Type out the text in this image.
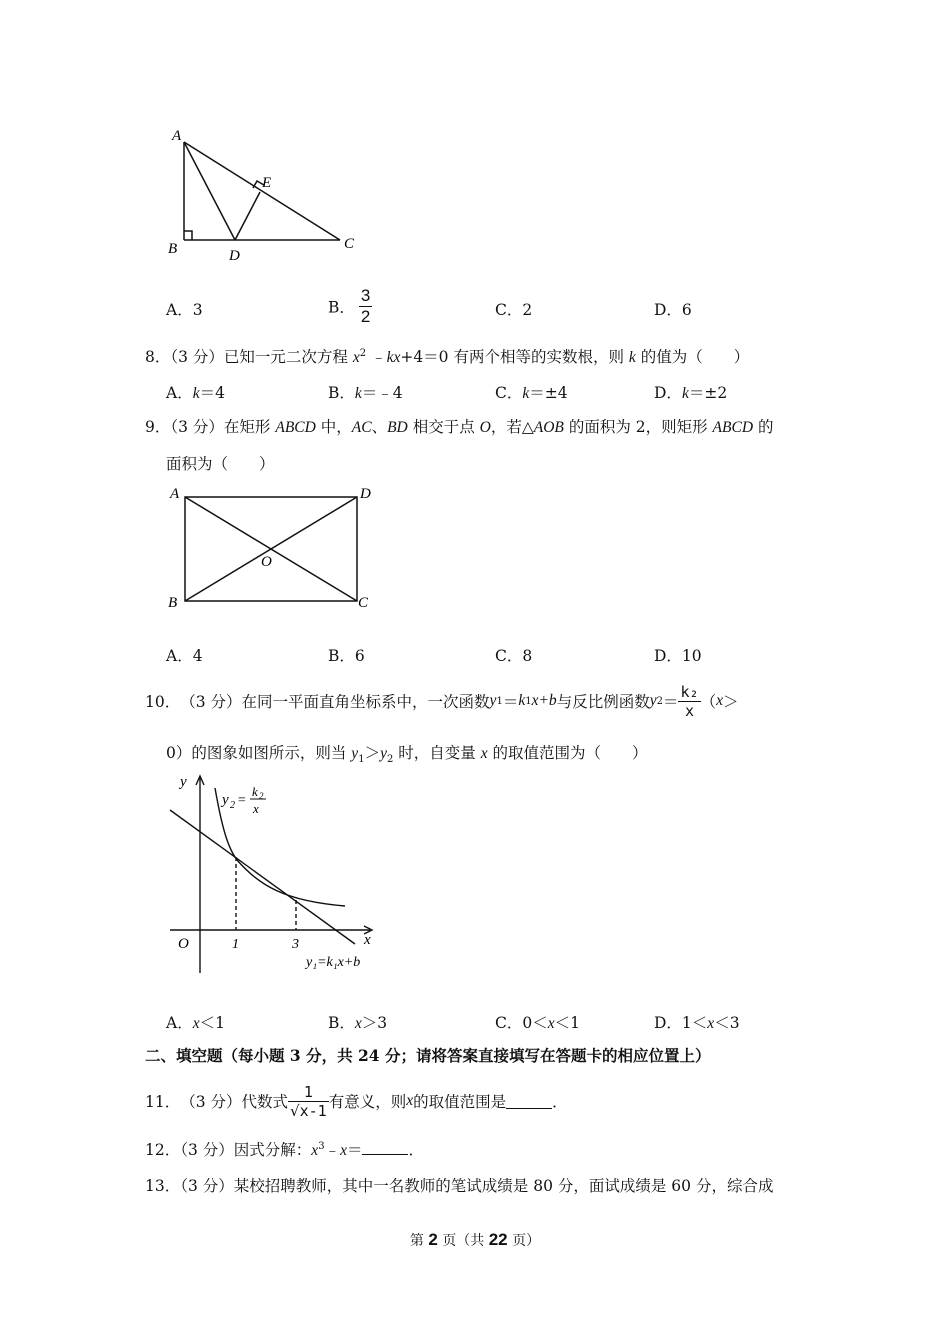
A
B	C
D
E
A．3	B． $\frac{3}{2}$	C．2	D．6
8．（3 分）已知一元二次方程 $x^2$ ﹣kx+4＝0 有两个相等的实数根，则 k 的值为（　　）
A．k＝4	B．k＝﹣4	C．k＝±4	D．k＝±2
9．（3 分）在矩形 ABCD 中，AC、BD 相交于点 O，若△AOB 的面积为 2，则矩形 ABCD 的
面积为（　　）
A	D
B	C
O
A．4	B．6	C．8	D．10
10． （3 分） 在同一平面直角坐标系中，一次函数 y 1 ＝ k 1 x+b 与反比例函数 y $2 = \frac{\text{k₂}}{x}$ （ x ＞
0）的图象如图所示，则当 $y_1>y_2$ 时，自变量 x 的取值范围为（　　）
y
x
O	1	3
y 2 =
k 2
x
y₁=k₁x+b
A．x＜1	B．x＞3	C．0＜x＜1	D．1＜x＜3
二、填空题（每小题 3 分，共 24 分；请将答案直接填写在答题卡的相应位置上）
11． （3 分） 代数式 $\frac{1}{√x-1}$ 有意义，则 x 的取值范围是	．
12．（3 分）因式分解：$x^3﹣x=$	．
13．（3 分）某校招聘教师，其中一名教师的笔试成绩是 80 分，面试成绩是 60 分，综合成
第 2 页（共 22 页）
